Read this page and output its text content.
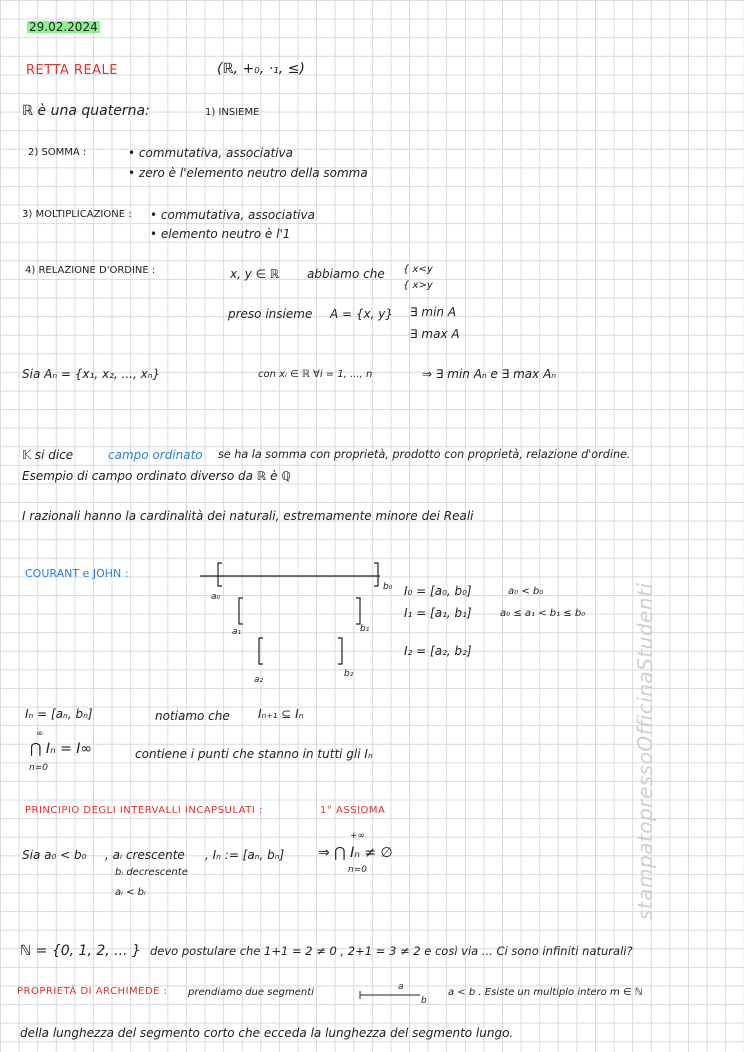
29.02.2024
RETTA REALE	(ℝ, +₀, ·₁, ≤)
ℝ è una quaterna:	1) INSIEME
2) SOMMA :	• commutativa, associativa
• zero è l'elemento neutro della somma
3) MOLTIPLICAZIONE : • commutativa, associativa
• elemento neutro è l'1
4) RELAZIONE D'ORDINE :	x, y ∈ ℝ abbiamo che { x<y
{ x>y
preso insieme A = {x, y} ∃ min A
∃ max A
Sia Aₙ = {x₁, x₂, ..., xₙ}	con xᵢ ∈ ℝ ∀i = 1, ..., n	⇒ ∃ min Aₙ e ∃ max Aₙ
𝕂 si dice	campo ordinato se ha la somma con proprietà, prodotto con proprietà, relazione d'ordine.
Esempio di campo ordinato diverso da ℝ è ℚ
I razionali hanno la cardinalità dei naturali, estremamente minore dei Reali
COURANT e JOHN :
a₀
b₀
a₁	b₁
a₂
b₂
I₀ = [a₀, b₀]	a₀ < b₀
I₁ = [a₁, b₁]	a₀ ≤ a₁ < b₁ ≤ b₀
I₂ = [a₂, b₂]
Iₙ = [aₙ, bₙ]	notiamo che Iₙ₊₁ ⊆ Iₙ
∞
⋂ Iₙ = I∞
n=0
contiene i punti che stanno in tutti gli Iₙ
PRINCIPIO DEGLI INTERVALLI INCAPSULATI :	1° ASSIOMA
Sia a₀ < b₀ , aᵢ crescente
bᵢ decrescente
aᵢ < bᵢ
, Iₙ := [aₙ, bₙ]
+∞
⇒ ⋂ Iₙ ≠ ∅
n=0
ℕ = {0, 1, 2, ... } devo postulare che 1+1 = 2 ≠ 0 , 2+1 = 3 ≠ 2 e così via ... Ci sono infiniti naturali?
PROPRIETÀ DI ARCHIMEDE : prendiamo due segmenti	a
b
a < b . Esiste un multiplo intero m ∈ ℕ
della lunghezza del segmento corto che ecceda la lunghezza del segmento lungo.
stampatopressoOfficinaStudenti
